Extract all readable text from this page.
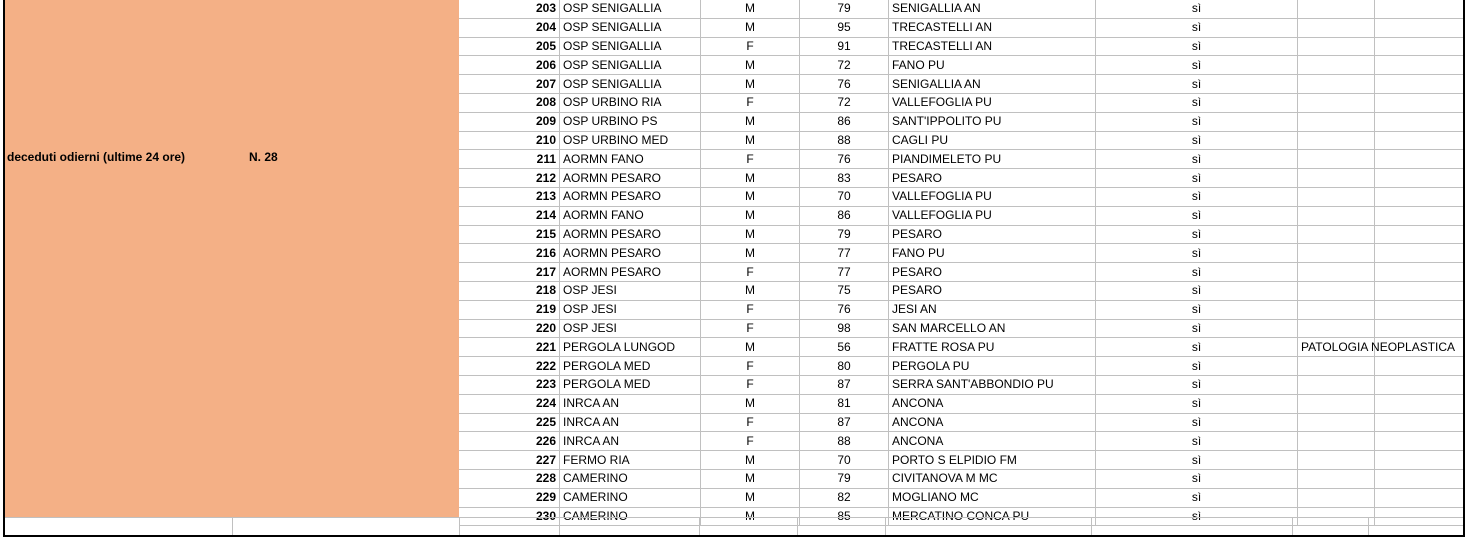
deceduti odierni (ultime 24 ore)	N. 28
203	OSP SENIGALLIA	M	79	SENIGALLIA AN	sì		
204	OSP SENIGALLIA	M	95	TRECASTELLI AN	sì		
205	OSP SENIGALLIA	F	91	TRECASTELLI AN	sì		
206	OSP SENIGALLIA	M	72	FANO PU	sì		
207	OSP SENIGALLIA	M	76	SENIGALLIA AN	sì		
208	OSP URBINO RIA	F	72	VALLEFOGLIA PU	sì		
209	OSP URBINO PS	M	86	SANT'IPPOLITO PU	sì		
210	OSP URBINO MED	M	88	CAGLI PU	sì		
211	AORMN FANO	F	76	PIANDIMELETO PU	sì		
212	AORMN PESARO	M	83	PESARO	sì		
213	AORMN PESARO	M	70	VALLEFOGLIA PU	sì		
214	AORMN FANO	M	86	VALLEFOGLIA PU	sì		
215	AORMN PESARO	M	79	PESARO	sì		
216	AORMN PESARO	M	77	FANO PU	sì		
217	AORMN PESARO	F	77	PESARO	sì		
218	OSP JESI	M	75	PESARO	sì		
219	OSP JESI	F	76	JESI AN	sì		
220	OSP JESI	F	98	SAN MARCELLO AN	sì		
221	PERGOLA LUNGOD	M	56	FRATTE ROSA PU	sì	PATOLOGIA NEOPLASTICA	
222	PERGOLA MED	F	80	PERGOLA PU	sì		
223	PERGOLA MED	F	87	SERRA SANT'ABBONDIO PU	sì		
224	INRCA AN	M	81	ANCONA	sì		
225	INRCA AN	F	87	ANCONA	sì		
226	INRCA AN	F	88	ANCONA	sì		
227	FERMO RIA	M	70	PORTO S ELPIDIO FM	sì		
228	CAMERINO	M	79	CIVITANOVA M MC	sì		
229	CAMERINO	M	82	MOGLIANO MC	sì		
230	CAMERINO	M	85	MERCATINO CONCA PU	sì		
